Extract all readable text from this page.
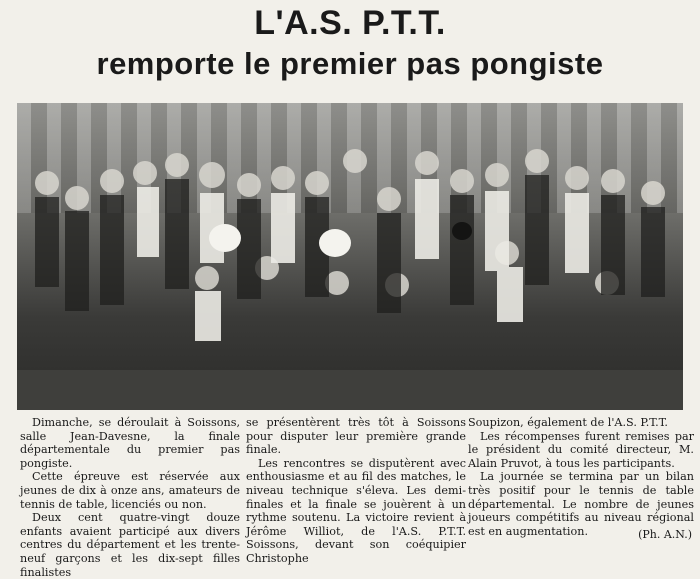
L'A.S. P.T.T.
remporte le premier pas pongiste

Dimanche, se déroulait à Soissons, salle Jean-Davesne, la finale départementale du premier pas pongiste.

Cette épreuve est réservée aux jeunes de dix à onze ans, amateurs de tennis de table, licenciés ou non.

Deux cent quatre-vingt douze enfants avaient participé aux divers centres du département et les trente-neuf garçons et les dix-sept filles finalistes

se présentèrent très tôt à Soissons pour disputer leur première grande finale.

Les rencontres se disputèrent avec enthousiasme et au fil des matches, le niveau technique s'éleva. Les demi-finales et la finale se jouèrent à un rythme soutenu. La victoire revient à Jérôme Williot, de l'A.S. P.T.T. Soissons, devant son coéquipier Christophe

Soupizon, également de l'A.S. P.T.T.

Les récompenses furent remises par le président du comité directeur, M. Alain Pruvot, à tous les participants.

La journée se termina par un bilan très positif pour le tennis de table départemental. Le nombre de jeunes joueurs compétitifs au niveau régional est en augmentation.	(Ph. A.N.)
